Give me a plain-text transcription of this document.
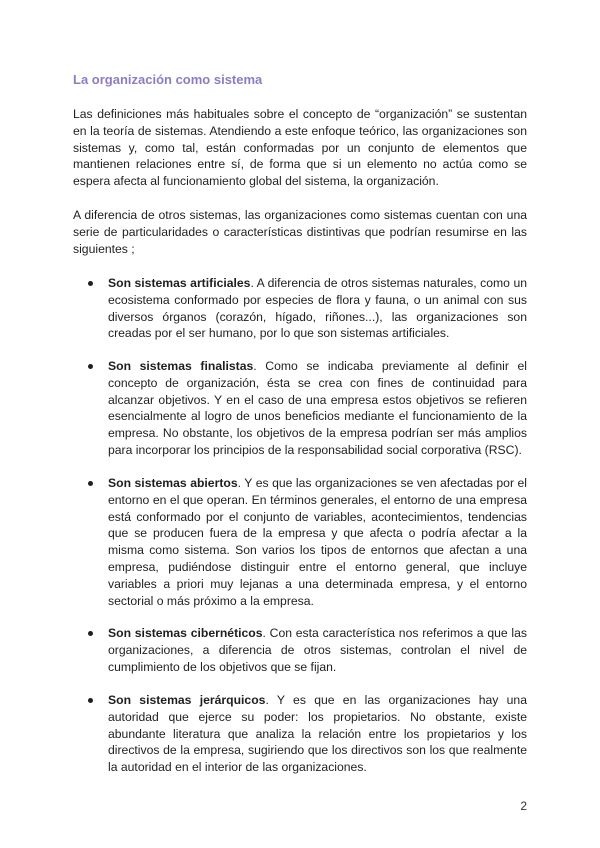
La organización como sistema

Las definiciones más habituales sobre el concepto de “organización” se sustentan en la teoría de sistemas. Atendiendo a este enfoque teórico, las organizaciones son sistemas y, como tal, están conformadas por un conjunto de elementos que mantienen relaciones entre sí, de forma que si un elemento no actúa como se espera afecta al funcionamiento global del sistema, la organización.

A diferencia de otros sistemas, las organizaciones como sistemas cuentan con una serie de particularidades o características distintivas que podrían resumirse en las siguientes ;

Son sistemas artificiales. A diferencia de otros sistemas naturales, como un ecosistema conformado por especies de flora y fauna, o un animal con sus diversos órganos (corazón, hígado, riñones...), las organizaciones son creadas por el ser humano, por lo que son sistemas artificiales.

Son sistemas finalistas. Como se indicaba previamente al definir el concepto de organización, ésta se crea con fines de continuidad para alcanzar objetivos. Y en el caso de una empresa estos objetivos se refieren esencialmente al logro de unos beneficios mediante el funcionamiento de la empresa. No obstante, los objetivos de la empresa podrían ser más amplios para incorporar los principios de la responsabilidad social corporativa (RSC).

Son sistemas abiertos. Y es que las organizaciones se ven afectadas por el entorno en el que operan. En términos generales, el entorno de una empresa está conformado por el conjunto de variables, acontecimientos, tendencias que se producen fuera de la empresa y que afecta o podría afectar a la misma como sistema. Son varios los tipos de entornos que afectan a una empresa, pudiéndose distinguir entre el entorno general, que incluye variables a priori muy lejanas a una determinada empresa, y el entorno sectorial o más próximo a la empresa.

Son sistemas cibernéticos. Con esta característica nos referimos a que las organizaciones, a diferencia de otros sistemas, controlan el nivel de cumplimiento de los objetivos que se fijan.

Son sistemas jerárquicos. Y es que en las organizaciones hay una autoridad que ejerce su poder: los propietarios. No obstante, existe abundante literatura que analiza la relación entre los propietarios y los directivos de la empresa, sugiriendo que los directivos son los que realmente la autoridad en el interior de las organizaciones.

2
